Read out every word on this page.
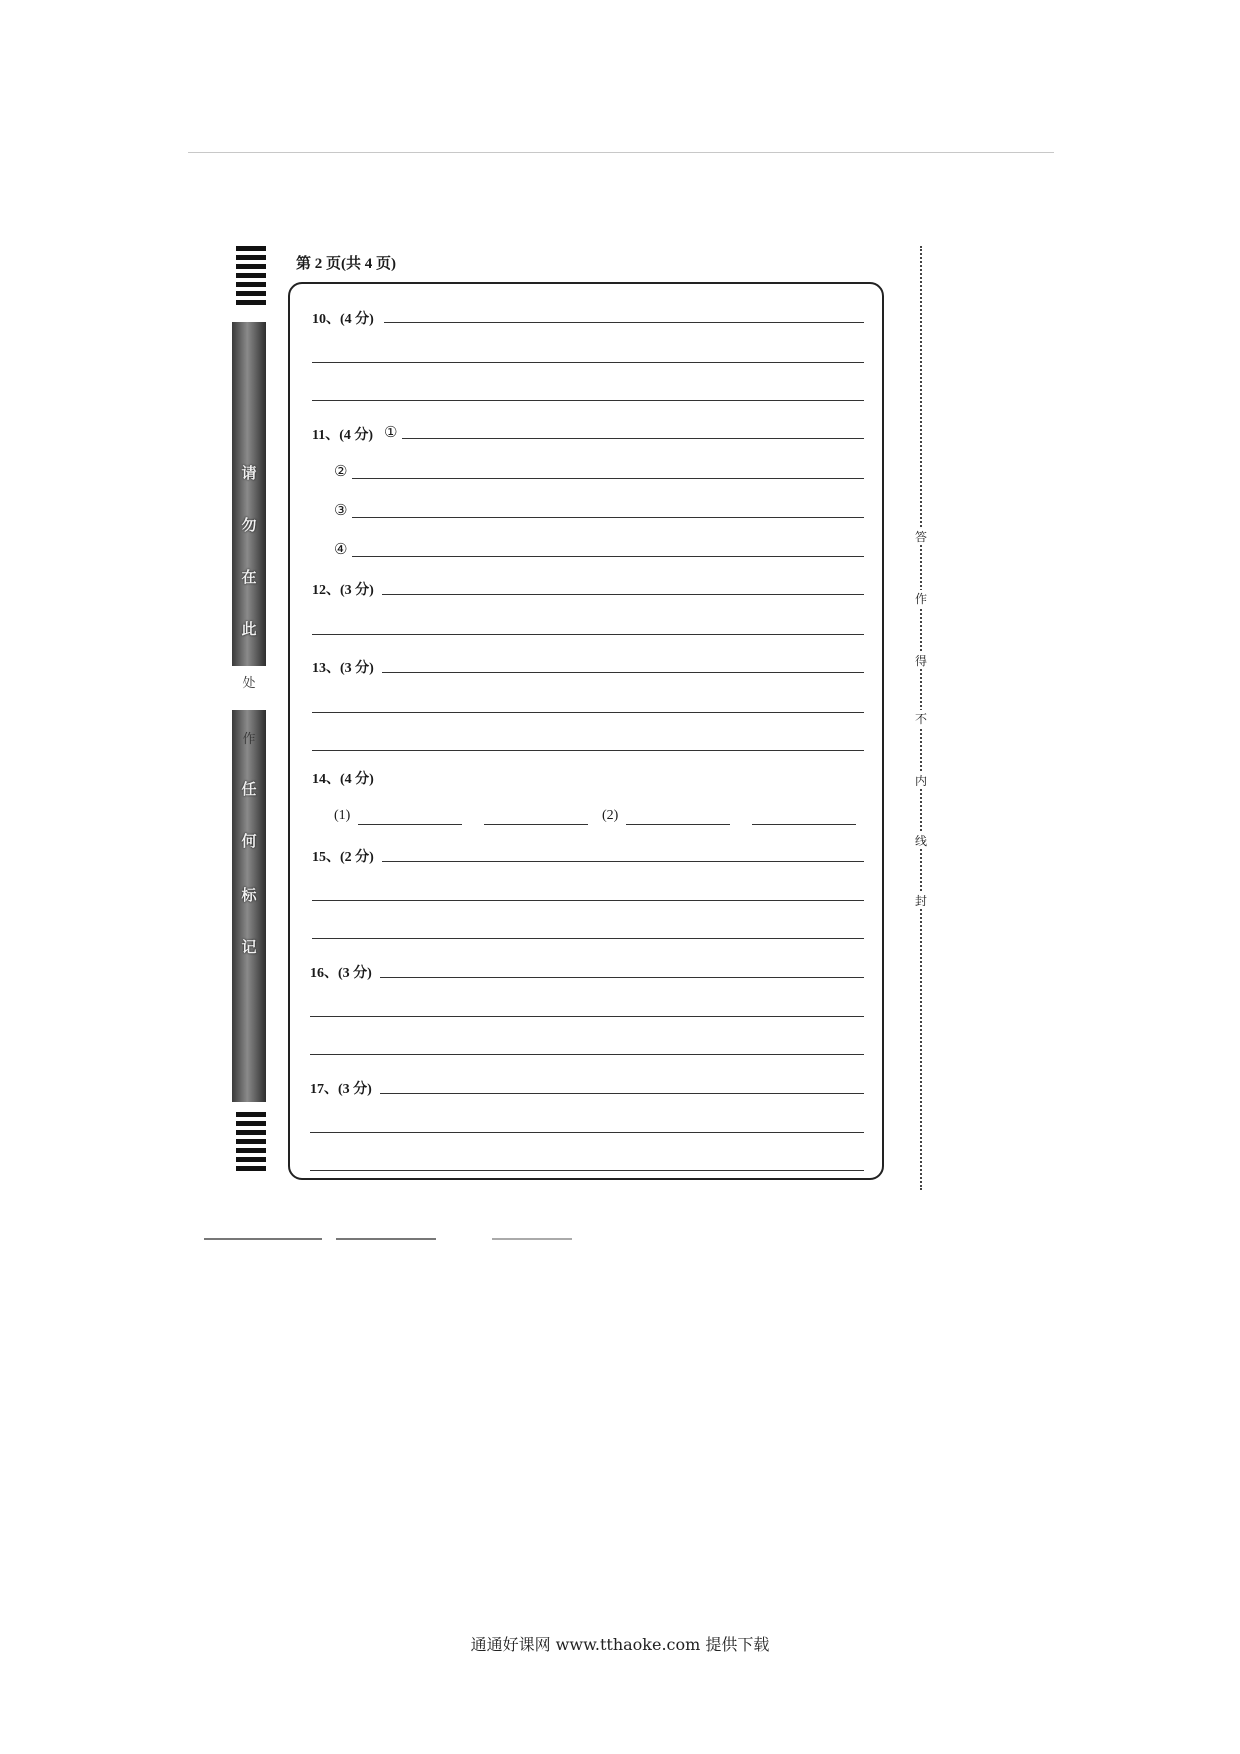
请
勿
在
此
处
作
任
何
标
记
答
作
得
不
内
线
封
第 2 页(共 4 页)
10、(4 分)
11、(4 分) ①
②
③
④
12、(3 分)
13、(3 分)
14、(4 分)
(1)	(2)
15、(2 分)
16、(3 分)
17、(3 分)
通通好课网 www.tthaoke.com 提供下载
